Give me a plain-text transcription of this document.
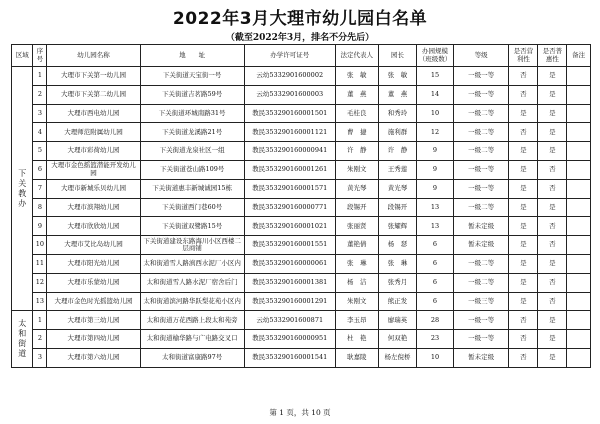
2022年3月大理市幼儿园白名单
（截至2022年3月，排名不分先后）
区域	序号	幼儿园名称	地　　址	办学许可证号	法定代表人	园长	办园规模（班级数）	等级	是否营利性	是否普惠性	备注

下关教办	1	大理市下关第一幼儿园	下关街道天宝街一号	云幼5332901600002	张　敏	张　敏	15	一级一等	否	是	
	2	大理市下关第二幼儿园	下关街道吉茗路59号	云幼5332901600003	董　燕	董　燕	14	一级一等	否	是	
	3	大理市西电幼儿园	下关街道环城南路31号	教民353290160001501	毛桂良	和秀玲	10	一级二等	是	是	
	4	大理师范附属幼儿园	下关街道龙溪路21号	教民353290160001121	曹　捷	施利群	12	一级二等	否	是	
	5	大理市彩荷幼儿园	下关街道龙泉社区一组	教民353290160000941	许　静	许　静	9	一级二等	是	是	
	6	大理市金色摇篮潜能开发幼儿园	下关街道苍山路109号	教民353290160001261	朱刚文	王秀莲	9	一级一等	是	否	
	7	大理市新城乐贝幼儿园	下关街道惠丰新城诚园15栋	教民353290160001571	黄光琴	黄光琴	9	一级一等	是	否	
	8	大理市滨翔幼儿园	下关街道西门巷60号	教民353290160000771	段锡开	段锡开	13	一级二等	是	是	
	9	大理市欣欣幼儿园	下关街道双鹭路15号	教民353290160001021	张丽贤	张耀辉	13	暂未定级	是	否	
	10	大理市艾比岛幼儿园	下关街道建设东路海川小区西楼二层商铺	教民353290160001551	董艳倩	杨　瑟	6	暂未定级	是	否	
	11	大理市阳光幼儿园	太和街道雪人路滇西水泥厂小区内	教民353290160000061	张　琳	张　琳	6	一级二等	是	是	
	12	大理市乐蒙幼儿园	太和街道雪人路水泥厂宿舍后门	教民353290160001381	杨　洁	张秀月	6	一级二等	是	否	
	13	大理市金色时光摇篮幼儿园	太和街道滨河路华跃梨花苑小区内	教民353290160001291	朱刚文	熊正发	6	一级三等	是	否	

太和街道	1	大理市第三幼儿园	太和街道万花西路上段太和苑旁	云幼5332901600871	李玉昂	廖瑞英	28	一级一等	否	是	
	2	大理市第四幼儿园	太和街道榆华路与广电路交叉口	教民353290160000951	杜　艳	何双艳	23	一级一等	否	是	
	3	大理市第六幼儿园	太和街道富康路97号	教民353290160001541	耿嘉陵	杨左倪桥	10	暂未定级	否	是	
第 1 页，共 10 页
